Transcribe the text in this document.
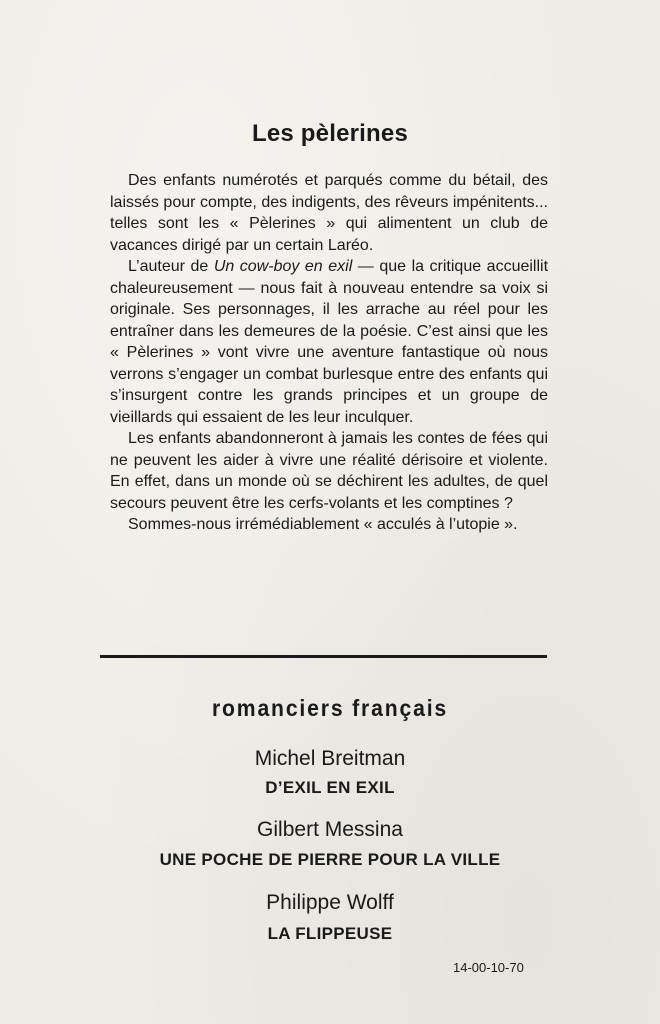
Les pèlerines

Des enfants numérotés et parqués comme du bétail, des laissés pour compte, des indigents, des rêveurs impénitents... telles sont les « Pèlerines » qui alimentent un club de vacances dirigé par un certain Laréo.

L’auteur de Un cow-boy en exil — que la critique accueillit chaleureusement — nous fait à nouveau entendre sa voix si originale. Ses personnages, il les arrache au réel pour les entraîner dans les demeures de la poésie. C’est ainsi que les « Pèlerines » vont vivre une aventure fantastique où nous verrons s’engager un combat burlesque entre des enfants qui s’insurgent contre les grands principes et un groupe de vieillards qui essaient de les leur inculquer.

Les enfants abandonneront à jamais les contes de fées qui ne peuvent les aider à vivre une réalité dérisoire et violente. En effet, dans un monde où se déchirent les adultes, de quel secours peuvent être les cerfs-volants et les comptines ?

Sommes-nous irrémédiablement « acculés à l’utopie ».

romanciers français
Michel Breitman
D’EXIL EN EXIL
Gilbert Messina
UNE POCHE DE PIERRE POUR LA VILLE
Philippe Wolff
LA FLIPPEUSE
14-00-10-70
